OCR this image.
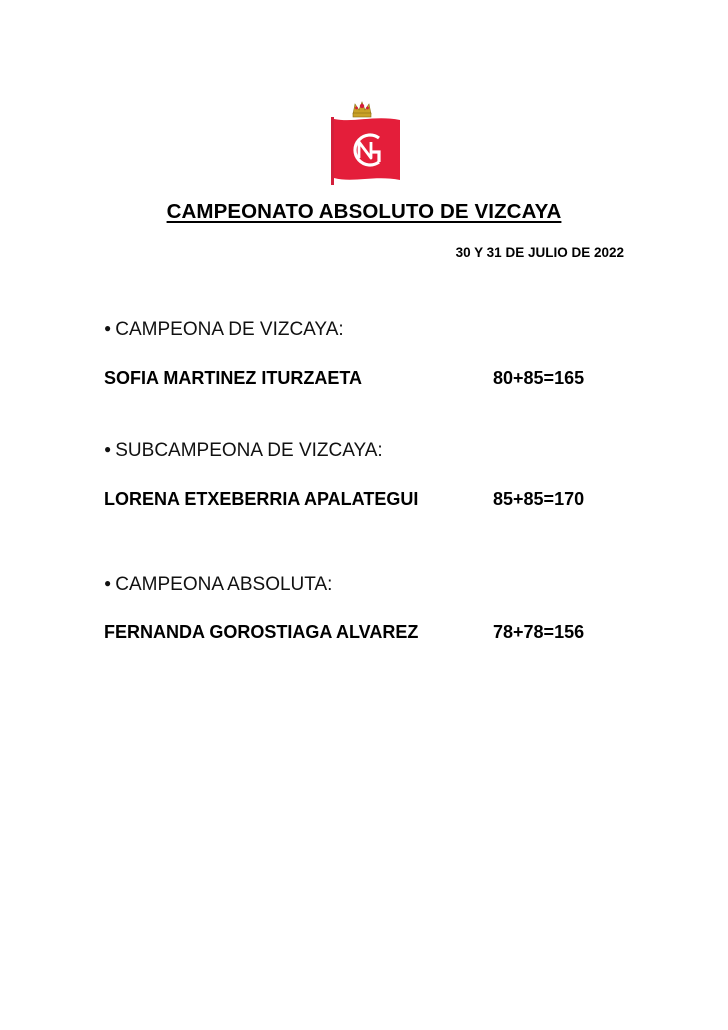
CAMPEONATO ABSOLUTO DE VIZCAYA
30 Y 31 DE JULIO DE 2022
● CAMPEONA DE VIZCAYA:
SOFIA MARTINEZ ITURZAETA	80+85=165
● SUBCAMPEONA DE VIZCAYA:
LORENA ETXEBERRIA APALATEGUI	85+85=170
● CAMPEONA ABSOLUTA:
FERNANDA GOROSTIAGA ALVAREZ	78+78=156
